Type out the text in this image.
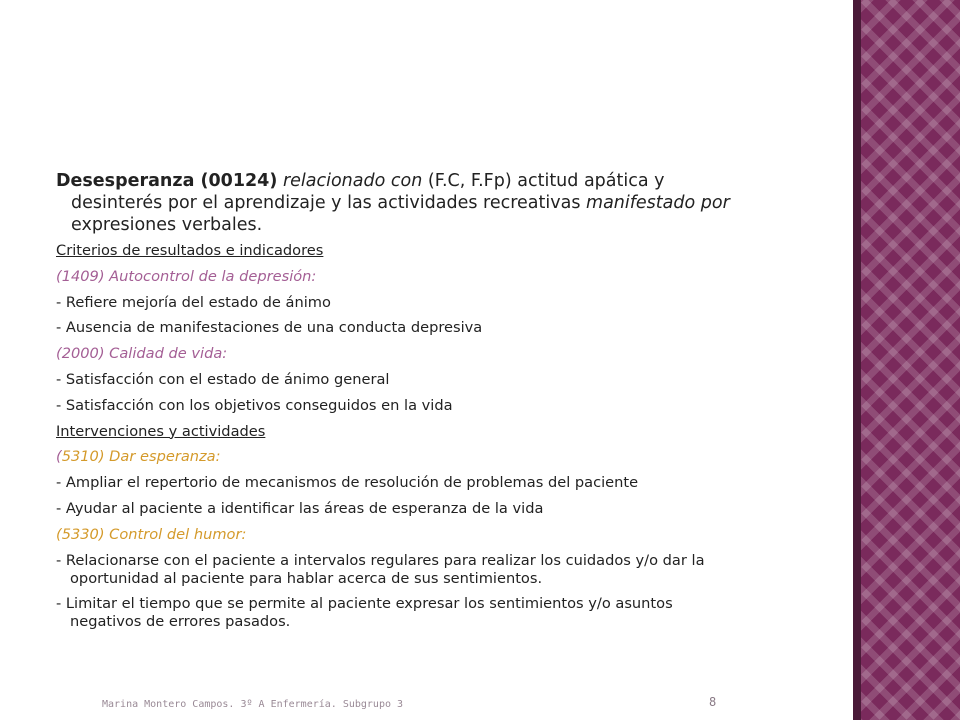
Desesperanza (00124) relacionado con (F.C, F.Fp) actitud apática y desinterés por el aprendizaje y las actividades recreativas manifestado por expresiones verbales.

Criterios de resultados e indicadores

(1409) Autocontrol de la depresión:

- Refiere mejoría del estado de ánimo

- Ausencia de manifestaciones de una conducta depresiva

(2000) Calidad de vida:

- Satisfacción con el estado de ánimo general

- Satisfacción con los objetivos conseguidos en la vida

Intervenciones y actividades

(5310) Dar esperanza:

- Ampliar el repertorio de mecanismos de resolución de problemas del paciente

- Ayudar al paciente a identificar las áreas de esperanza de la vida

(5330) Control del humor:

- Relacionarse con el paciente a intervalos regulares para realizar los cuidados y/o dar la oportunidad al paciente para hablar acerca de sus sentimientos.

- Limitar el tiempo que se permite al paciente expresar los sentimientos y/o asuntos negativos de errores pasados.

Marina Montero Campos. 3º A Enfermería. Subgrupo 3	8
